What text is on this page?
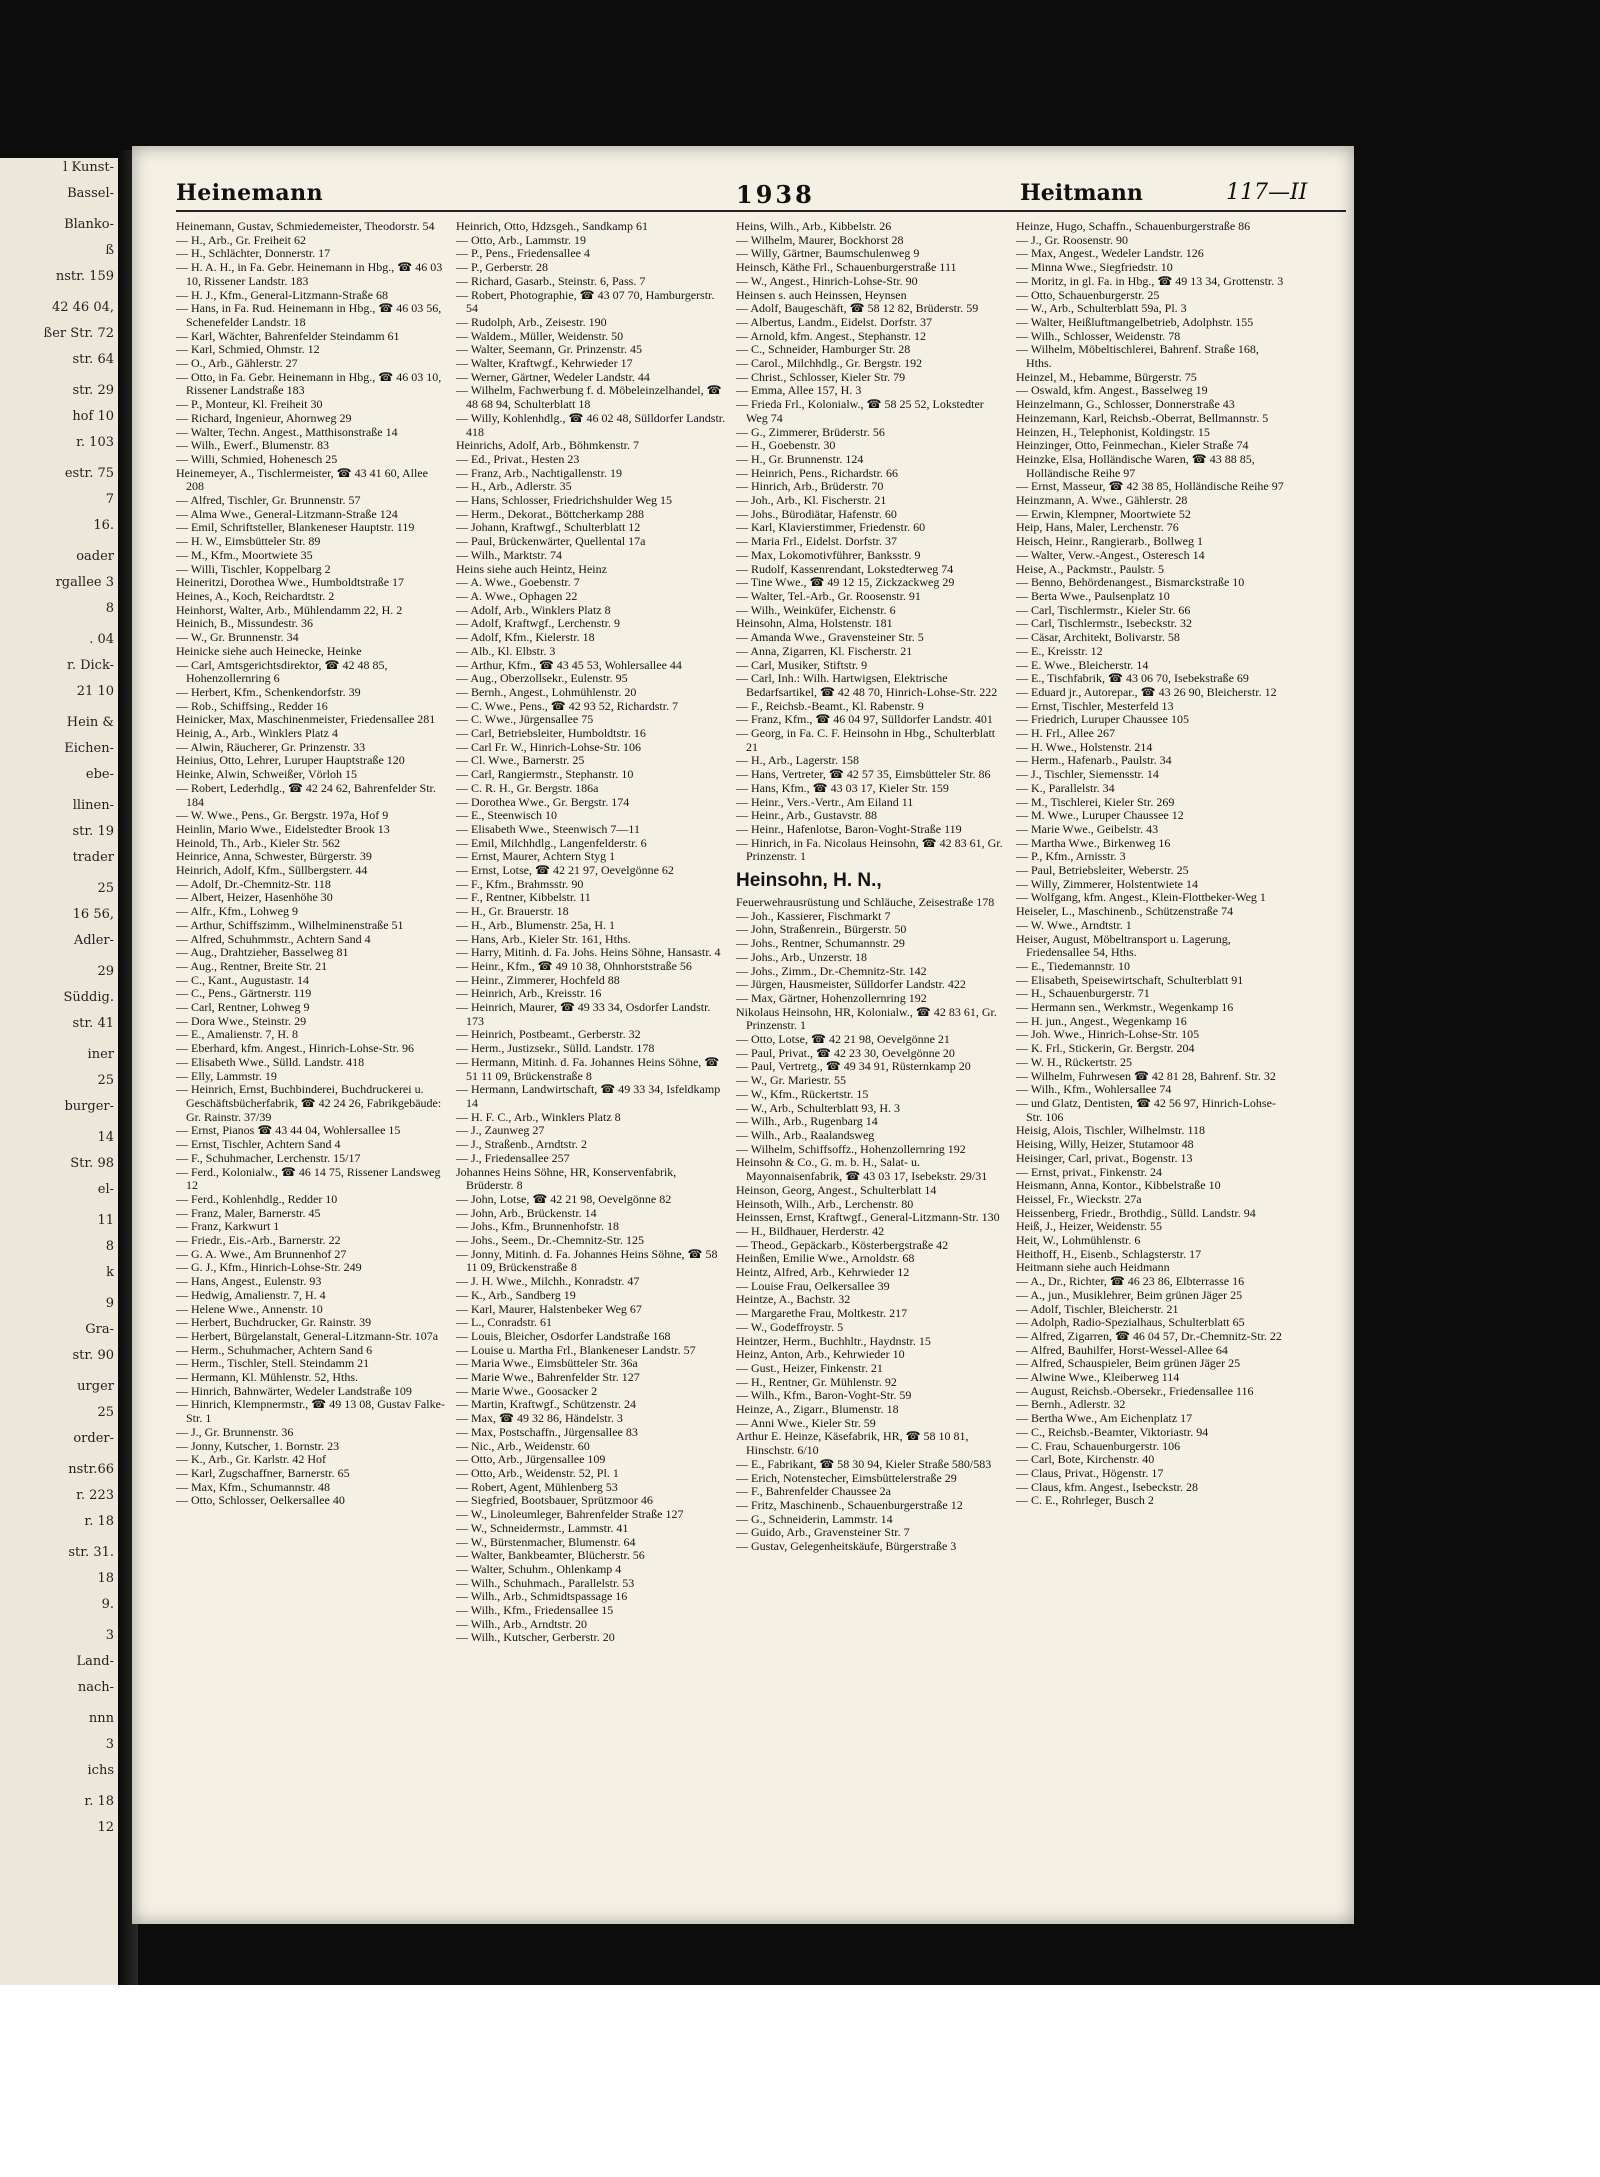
l Kunst-
Bassel-
Blanko-
ß
nstr. 159
42 46 04,
ßer Str. 72
str. 64
str. 29
hof 10
r. 103
estr. 75
7
16.
oader
rgallee 3
8
. 04
r. Dick-
21 10
Hein &
Eichen-
ebe-
llinen-
str. 19
trader
25
16 56,
Adler-
29
Süddig.
str. 41
iner
25
burger-
14
Str. 98
el-
11
8
k
9
Gra-
str. 90
urger
25
order-
nstr.66
r. 223
r. 18
str. 31.
18
9.
3
Land-
nach-
nnn
3
ichs
r. 18
12
Heinemann	1938	Heitmann	117—II
Heinemann, Gustav, Schmiedemeister, Theodorstr. 54
— H., Arb., Gr. Freiheit 62
— H., Schlächter, Donnerstr. 17
— H. A. H., in Fa. Gebr. Heinemann in Hbg., ☎ 46 03 10, Rissener Landstr. 183
— H. J., Kfm., General-Litzmann-Straße 68
— Hans, in Fa. Rud. Heinemann in Hbg., ☎ 46 03 56, Schenefelder Landstr. 18
— Karl, Wächter, Bahrenfelder Steindamm 61
— Karl, Schmied, Ohmstr. 12
— O., Arb., Gählerstr. 27
— Otto, in Fa. Gebr. Heinemann in Hbg., ☎ 46 03 10, Rissener Landstraße 183
— P., Monteur, Kl. Freiheit 30
— Richard, Ingenieur, Ahornweg 29
— Walter, Techn. Angest., Matthisonstraße 14
— Wilh., Ewerf., Blumenstr. 83
— Willi, Schmied, Hohenesch 25
Heinemeyer, A., Tischlermeister, ☎ 43 41 60, Allee 208
— Alfred, Tischler, Gr. Brunnenstr. 57
— Alma Wwe., General-Litzmann-Straße 124
— Emil, Schriftsteller, Blankeneser Hauptstr. 119
— H. W., Eimsbütteler Str. 89
— M., Kfm., Moortwiete 35
— Willi, Tischler, Koppelbarg 2
Heineritzi, Dorothea Wwe., Humboldtstraße 17
Heines, A., Koch, Reichardtstr. 2
Heinhorst, Walter, Arb., Mühlendamm 22, H. 2
Heinich, B., Missundestr. 36
— W., Gr. Brunnenstr. 34
Heinicke siehe auch Heinecke, Heinke
— Carl, Amtsgerichtsdirektor, ☎ 42 48 85, Hohenzollernring 6
— Herbert, Kfm., Schenkendorfstr. 39
— Rob., Schiffsing., Redder 16
Heinicker, Max, Maschinenmeister, Friedensallee 281
Heinig, A., Arb., Winklers Platz 4
— Alwin, Räucherer, Gr. Prinzenstr. 33
Heinius, Otto, Lehrer, Luruper Hauptstraße 120
Heinke, Alwin, Schweißer, Vörloh 15
— Robert, Lederhdlg., ☎ 42 24 62, Bahrenfelder Str. 184
— W. Wwe., Pens., Gr. Bergstr. 197a, Hof 9
Heinlin, Mario Wwe., Eidelstedter Brook 13
Heinold, Th., Arb., Kieler Str. 562
Heinrice, Anna, Schwester, Bürgerstr. 39
Heinrich, Adolf, Kfm., Süllbergsterr. 44
— Adolf, Dr.-Chemnitz-Str. 118
— Albert, Heizer, Hasenhöhe 30
— Alfr., Kfm., Lohweg 9
— Arthur, Schiffszimm., Wilhelminenstraße 51
— Alfred, Schuhmmstr., Achtern Sand 4
— Aug., Drahtzieher, Basselweg 81
— Aug., Rentner, Breite Str. 21
— C., Kant., Augustastr. 14
— C., Pens., Gärtnerstr. 119
— Carl, Rentner, Lohweg 9
— Dora Wwe., Steinstr. 29
— E., Amalienstr. 7, H. 8
— Eberhard, kfm. Angest., Hinrich-Lohse-Str. 96
— Elisabeth Wwe., Sülld. Landstr. 418
— Elly, Lammstr. 19
— Heinrich, Ernst, Buchbinderei, Buchdruckerei u. Geschäftsbücherfabrik, ☎ 42 24 26, Fabrikgebäude: Gr. Rainstr. 37/39
— Ernst, Pianos ☎ 43 44 04, Wohlersallee 15
— Ernst, Tischler, Achtern Sand 4
— F., Schuhmacher, Lerchenstr. 15/17
— Ferd., Kolonialw., ☎ 46 14 75, Rissener Landsweg 12
— Ferd., Kohlenhdlg., Redder 10
— Franz, Maler, Barnerstr. 45
— Franz, Karkwurt 1
— Friedr., Eis.-Arb., Barnerstr. 22
— G. A. Wwe., Am Brunnenhof 27
— G. J., Kfm., Hinrich-Lohse-Str. 249
— Hans, Angest., Eulenstr. 93
— Hedwig, Amalienstr. 7, H. 4
— Helene Wwe., Annenstr. 10
— Herbert, Buchdrucker, Gr. Rainstr. 39
— Herbert, Bürgelanstalt, General-Litzmann-Str. 107a
— Herm., Schuhmacher, Achtern Sand 6
— Herm., Tischler, Stell. Steindamm 21
— Hermann, Kl. Mühlenstr. 52, Hths.
— Hinrich, Bahnwärter, Wedeler Landstraße 109
— Hinrich, Klempnermstr., ☎ 49 13 08, Gustav Falke-Str. 1
— J., Gr. Brunnenstr. 36
— Jonny, Kutscher, 1. Bornstr. 23
— K., Arb., Gr. Karlstr. 42 Hof
— Karl, Zugschaffner, Barnerstr. 65
— Max, Kfm., Schumannstr. 48
— Otto, Schlosser, Oelkersallee 40
Heinrich, Otto, Hdzsgeh., Sandkamp 61
— Otto, Arb., Lammstr. 19
— P., Pens., Friedensallee 4
— P., Gerberstr. 28
— Richard, Gasarb., Steinstr. 6, Pass. 7
— Robert, Photographie, ☎ 43 07 70, Hamburgerstr. 54
— Rudolph, Arb., Zeisestr. 190
— Waldem., Müller, Weidenstr. 50
— Walter, Seemann, Gr. Prinzenstr. 45
— Walter, Kraftwgf., Kehrwieder 17
— Werner, Gärtner, Wedeler Landstr. 44
— Wilhelm, Fachwerbung f. d. Möbeleinzelhandel, ☎ 48 68 94, Schulterblatt 18
— Willy, Kohlenhdlg., ☎ 46 02 48, Sülldorfer Landstr. 418
Heinrichs, Adolf, Arb., Böhmkenstr. 7
— Ed., Privat., Hesten 23
— Franz, Arb., Nachtigallenstr. 19
— H., Arb., Adlerstr. 35
— Hans, Schlosser, Friedrichshulder Weg 15
— Herm., Dekorat., Böttcherkamp 288
— Johann, Kraftwgf., Schulterblatt 12
— Paul, Brückenwärter, Quellental 17a
— Wilh., Marktstr. 74
Heins siehe auch Heintz, Heinz
— A. Wwe., Goebenstr. 7
— A. Wwe., Ophagen 22
— Adolf, Arb., Winklers Platz 8
— Adolf, Kraftwgf., Lerchenstr. 9
— Adolf, Kfm., Kielerstr. 18
— Alb., Kl. Elbstr. 3
— Arthur, Kfm., ☎ 43 45 53, Wohlersallee 44
— Aug., Oberzollsekr., Eulenstr. 95
— Bernh., Angest., Lohmühlenstr. 20
— C. Wwe., Pens., ☎ 42 93 52, Richardstr. 7
— C. Wwe., Jürgensallee 75
— Carl, Betriebsleiter, Humboldtstr. 16
— Carl Fr. W., Hinrich-Lohse-Str. 106
— Cl. Wwe., Barnerstr. 25
— Carl, Rangiermstr., Stephanstr. 10
— C. R. H., Gr. Bergstr. 186a
— Dorothea Wwe., Gr. Bergstr. 174
— E., Steenwisch 10
— Elisabeth Wwe., Steenwisch 7—11
— Emil, Milchhdlg., Langenfelderstr. 6
— Ernst, Maurer, Achtern Styg 1
— Ernst, Lotse, ☎ 42 21 97, Oevelgönne 62
— F., Kfm., Brahmsstr. 90
— F., Rentner, Kibbelstr. 11
— H., Gr. Brauerstr. 18
— H., Arb., Blumenstr. 25a, H. 1
— Hans, Arb., Kieler Str. 161, Hths.
— Harry, Mitinh. d. Fa. Johs. Heins Söhne, Hansastr. 4
— Heinr., Kfm., ☎ 49 10 38, Ohnhorststraße 56
— Heinr., Zimmerer, Hochfeld 88
— Heinrich, Arb., Kreisstr. 16
— Heinrich, Maurer, ☎ 49 33 34, Osdorfer Landstr. 173
— Heinrich, Postbeamt., Gerberstr. 32
— Herm., Justizsekr., Sülld. Landstr. 178
— Hermann, Mitinh. d. Fa. Johannes Heins Söhne, ☎ 51 11 09, Brückenstraße 8
— Hermann, Landwirtschaft, ☎ 49 33 34, Isfeldkamp 14
— H. F. C., Arb., Winklers Platz 8
— J., Zaunweg 27
— J., Straßenb., Arndtstr. 2
— J., Friedensallee 257
Johannes Heins Söhne, HR, Konservenfabrik, Brüderstr. 8
— John, Lotse, ☎ 42 21 98, Oevelgönne 82
— John, Arb., Brückenstr. 14
— Johs., Kfm., Brunnenhofstr. 18
— Johs., Seem., Dr.-Chemnitz-Str. 125
— Jonny, Mitinh. d. Fa. Johannes Heins Söhne, ☎ 58 11 09, Brückenstraße 8
— J. H. Wwe., Milchh., Konradstr. 47
— K., Arb., Sandberg 19
— Karl, Maurer, Halstenbeker Weg 67
— L., Conradstr. 61
— Louis, Bleicher, Osdorfer Landstraße 168
— Louise u. Martha Frl., Blankeneser Landstr. 57
— Maria Wwe., Eimsbütteler Str. 36a
— Marie Wwe., Bahrenfelder Str. 127
— Marie Wwe., Goosacker 2
— Martin, Kraftwgf., Schützenstr. 24
— Max, ☎ 49 32 86, Händelstr. 3
— Max, Postschaffn., Jürgensallee 83
— Nic., Arb., Weidenstr. 60
— Otto, Arb., Jürgensallee 109
— Otto, Arb., Weidenstr. 52, Pl. 1
— Robert, Agent, Mühlenberg 53
— Siegfried, Bootsbauer, Sprützmoor 46
— W., Linoleumleger, Bahrenfelder Straße 127
— W., Schneidermstr., Lammstr. 41
— W., Bürstenmacher, Blumenstr. 64
— Walter, Bankbeamter, Blücherstr. 56
— Walter, Schuhm., Ohlenkamp 4
— Wilh., Schuhmach., Parallelstr. 53
— Wilh., Arb., Schmidtspassage 16
— Wilh., Kfm., Friedensallee 15
— Wilh., Arb., Arndtstr. 20
— Wilh., Kutscher, Gerberstr. 20
Heins, Wilh., Arb., Kibbelstr. 26
— Wilhelm, Maurer, Bockhorst 28
— Willy, Gärtner, Baumschulenweg 9
Heinsch, Käthe Frl., Schauenburgerstraße 111
— W., Angest., Hinrich-Lohse-Str. 90
Heinsen s. auch Heinssen, Heynsen
— Adolf, Baugeschäft, ☎ 58 12 82, Brüderstr. 59
— Albertus, Landm., Eidelst. Dorfstr. 37
— Arnold, kfm. Angest., Stephanstr. 12
— C., Schneider, Hamburger Str. 28
— Carol., Milchhdlg., Gr. Bergstr. 192
— Christ., Schlosser, Kieler Str. 79
— Emma, Allee 157, H. 3
— Frieda Frl., Kolonialw., ☎ 58 25 52, Lokstedter Weg 74
— G., Zimmerer, Brüderstr. 56
— H., Goebenstr. 30
— H., Gr. Brunnenstr. 124
— Heinrich, Pens., Richardstr. 66
— Hinrich, Arb., Brüderstr. 70
— Joh., Arb., Kl. Fischerstr. 21
— Johs., Bürodiätar, Hafenstr. 60
— Karl, Klavierstimmer, Friedenstr. 60
— Maria Frl., Eidelst. Dorfstr. 37
— Max, Lokomotivführer, Banksstr. 9
— Rudolf, Kassenrendant, Lokstedterweg 74
— Tine Wwe., ☎ 49 12 15, Zickzackweg 29
— Walter, Tel.-Arb., Gr. Roosenstr. 91
— Wilh., Weinküfer, Eichenstr. 6
Heinsohn, Alma, Holstenstr. 181
— Amanda Wwe., Gravensteiner Str. 5
— Anna, Zigarren, Kl. Fischerstr. 21
— Carl, Musiker, Stiftstr. 9
— Carl, Inh.: Wilh. Hartwigsen, Elektrische Bedarfsartikel, ☎ 42 48 70, Hinrich-Lohse-Str. 222
— F., Reichsb.-Beamt., Kl. Rabenstr. 9
— Franz, Kfm., ☎ 46 04 97, Sülldorfer Landstr. 401
— Georg, in Fa. C. F. Heinsohn in Hbg., Schulterblatt 21
— H., Arb., Lagerstr. 158
— Hans, Vertreter, ☎ 42 57 35, Eimsbütteler Str. 86
— Hans, Kfm., ☎ 43 03 17, Kieler Str. 159
— Heinr., Vers.-Vertr., Am Eiland 11
— Heinr., Arb., Gustavstr. 88
— Heinr., Hafenlotse, Baron-Voght-Straße 119
— Hinrich, in Fa. Nicolaus Heinsohn, ☎ 42 83 61, Gr. Prinzenstr. 1
Heinsohn, H. N.,
Feuerwehrausrüstung und Schläuche, Zeisestraße 178
— Joh., Kassierer, Fischmarkt 7
— John, Straßenrein., Bürgerstr. 50
— Johs., Rentner, Schumannstr. 29
— Johs., Arb., Unzerstr. 18
— Johs., Zimm., Dr.-Chemnitz-Str. 142
— Jürgen, Hausmeister, Sülldorfer Landstr. 422
— Max, Gärtner, Hohenzollernring 192
Nikolaus Heinsohn, HR, Kolonialw., ☎ 42 83 61, Gr. Prinzenstr. 1
— Otto, Lotse, ☎ 42 21 98, Oevelgönne 21
— Paul, Privat., ☎ 42 23 30, Oevelgönne 20
— Paul, Vertretg., ☎ 49 34 91, Rüsternkamp 20
— W., Gr. Mariestr. 55
— W., Kfm., Rückertstr. 15
— W., Arb., Schulterblatt 93, H. 3
— Wilh., Arb., Rugenbarg 14
— Wilh., Arb., Raalandsweg
— Wilhelm, Schiffsoffz., Hohenzollernring 192
Heinsohn & Co., G. m. b. H., Salat- u. Mayonnaisenfabrik, ☎ 43 03 17, Isebekstr. 29/31
Heinson, Georg, Angest., Schulterblatt 14
Heinsoth, Wilh., Arb., Lerchenstr. 80
Heinssen, Ernst, Kraftwgf., General-Litzmann-Str. 130
— H., Bildhauer, Herderstr. 42
— Theod., Gepäckarb., Kösterbergstraße 42
Heinßen, Emilie Wwe., Arnoldstr. 68
Heintz, Alfred, Arb., Kehrwieder 12
— Louise Frau, Oelkersallee 39
Heintze, A., Bachstr. 32
— Margarethe Frau, Moltkestr. 217
— W., Godeffroystr. 5
Heintzer, Herm., Buchhltr., Haydnstr. 15
Heinz, Anton, Arb., Kehrwieder 10
— Gust., Heizer, Finkenstr. 21
— H., Rentner, Gr. Mühlenstr. 92
— Wilh., Kfm., Baron-Voght-Str. 59
Heinze, A., Zigarr., Blumenstr. 18
— Anni Wwe., Kieler Str. 59
Arthur E. Heinze, Käsefabrik, HR, ☎ 58 10 81, Hinschstr. 6/10
— E., Fabrikant, ☎ 58 30 94, Kieler Straße 580/583
— Erich, Notenstecher, Eimsbüttelerstraße 29
— F., Bahrenfelder Chaussee 2a
— Fritz, Maschinenb., Schauenburgerstraße 12
— G., Schneiderin, Lammstr. 14
— Guido, Arb., Gravensteiner Str. 7
— Gustav, Gelegenheitskäufe, Bürgerstraße 3
Heinze, Hugo, Schaffn., Schauenburgerstraße 86
— J., Gr. Roosenstr. 90
— Max, Angest., Wedeler Landstr. 126
— Minna Wwe., Siegfriedstr. 10
— Moritz, in gl. Fa. in Hbg., ☎ 49 13 34, Grottenstr. 3
— Otto, Schauenburgerstr. 25
— W., Arb., Schulterblatt 59a, Pl. 3
— Walter, Heißluftmangelbetrieb, Adolphstr. 155
— Wilh., Schlosser, Weidenstr. 78
— Wilhelm, Möbeltischlerei, Bahrenf. Straße 168, Hths.
Heinzel, M., Hebamme, Bürgerstr. 75
— Oswald, kfm. Angest., Basselweg 19
Heinzelmann, G., Schlosser, Donnerstraße 43
Heinzemann, Karl, Reichsb.-Oberrat, Bellmannstr. 5
Heinzen, H., Telephonist, Koldingstr. 15
Heinzinger, Otto, Feinmechan., Kieler Straße 74
Heinzke, Elsa, Holländische Waren, ☎ 43 88 85, Holländische Reihe 97
— Ernst, Masseur, ☎ 42 38 85, Holländische Reihe 97
Heinzmann, A. Wwe., Gählerstr. 28
— Erwin, Klempner, Moortwiete 52
Heip, Hans, Maler, Lerchenstr. 76
Heisch, Heinr., Rangierarb., Bollweg 1
— Walter, Verw.-Angest., Osteresch 14
Heise, A., Packmstr., Paulstr. 5
— Benno, Behördenangest., Bismarckstraße 10
— Berta Wwe., Paulsenplatz 10
— Carl, Tischlermstr., Kieler Str. 66
— Carl, Tischlermstr., Isebeckstr. 32
— Cäsar, Architekt, Bolivarstr. 58
— E., Kreisstr. 12
— E. Wwe., Bleicherstr. 14
— E., Tischfabrik, ☎ 43 06 70, Isebekstraße 69
— Eduard jr., Autorepar., ☎ 43 26 90, Bleicherstr. 12
— Ernst, Tischler, Mesterfeld 13
— Friedrich, Luruper Chaussee 105
— H. Frl., Allee 267
— H. Wwe., Holstenstr. 214
— Herm., Hafenarb., Paulstr. 34
— J., Tischler, Siemensstr. 14
— K., Parallelstr. 34
— M., Tischlerei, Kieler Str. 269
— M. Wwe., Luruper Chaussee 12
— Marie Wwe., Geibelstr. 43
— Martha Wwe., Birkenweg 16
— P., Kfm., Arnisstr. 3
— Paul, Betriebsleiter, Weberstr. 25
— Willy, Zimmerer, Holstentwiete 14
— Wolfgang, kfm. Angest., Klein-Flottbeker-Weg 1
Heiseler, L., Maschinenb., Schützenstraße 74
— W. Wwe., Arndtstr. 1
Heiser, August, Möbeltransport u. Lagerung, Friedensallee 54, Hths.
— E., Tiedemannstr. 10
— Elisabeth, Speisewirtschaft, Schulterblatt 91
— H., Schauenburgerstr. 71
— Hermann sen., Werkmstr., Wegenkamp 16
— H. jun., Angest., Wegenkamp 16
— Joh. Wwe., Hinrich-Lohse-Str. 105
— K. Frl., Stickerin, Gr. Bergstr. 204
— W. H., Rückertstr. 25
— Wilhelm, Fuhrwesen ☎ 42 81 28, Bahrenf. Str. 32
— Wilh., Kfm., Wohlersallee 74
— und Glatz, Dentisten, ☎ 42 56 97, Hinrich-Lohse-Str. 106
Heisig, Alois, Tischler, Wilhelmstr. 118
Heising, Willy, Heizer, Stutamoor 48
Heisinger, Carl, privat., Bogenstr. 13
— Ernst, privat., Finkenstr. 24
Heismann, Anna, Kontor., Kibbelstraße 10
Heissel, Fr., Wieckstr. 27a
Heissenberg, Friedr., Brothdig., Sülld. Landstr. 94
Heiß, J., Heizer, Weidenstr. 55
Heit, W., Lohmühlenstr. 6
Heithoff, H., Eisenb., Schlagsterstr. 17
Heitmann siehe auch Heidmann
— A., Dr., Richter, ☎ 46 23 86, Elbterrasse 16
— A., jun., Musiklehrer, Beim grünen Jäger 25
— Adolf, Tischler, Bleicherstr. 21
— Adolph, Radio-Spezialhaus, Schulterblatt 65
— Alfred, Zigarren, ☎ 46 04 57, Dr.-Chemnitz-Str. 22
— Alfred, Bauhilfer, Horst-Wessel-Allee 64
— Alfred, Schauspieler, Beim grünen Jäger 25
— Alwine Wwe., Kleiberweg 114
— August, Reichsb.-Obersekr., Friedensallee 116
— Bernh., Adlerstr. 32
— Bertha Wwe., Am Eichenplatz 17
— C., Reichsb.-Beamter, Viktoriastr. 94
— C. Frau, Schauenburgerstr. 106
— Carl, Bote, Kirchenstr. 40
— Claus, Privat., Högenstr. 17
— Claus, kfm. Angest., Isebeckstr. 28
— C. E., Rohrleger, Busch 2
